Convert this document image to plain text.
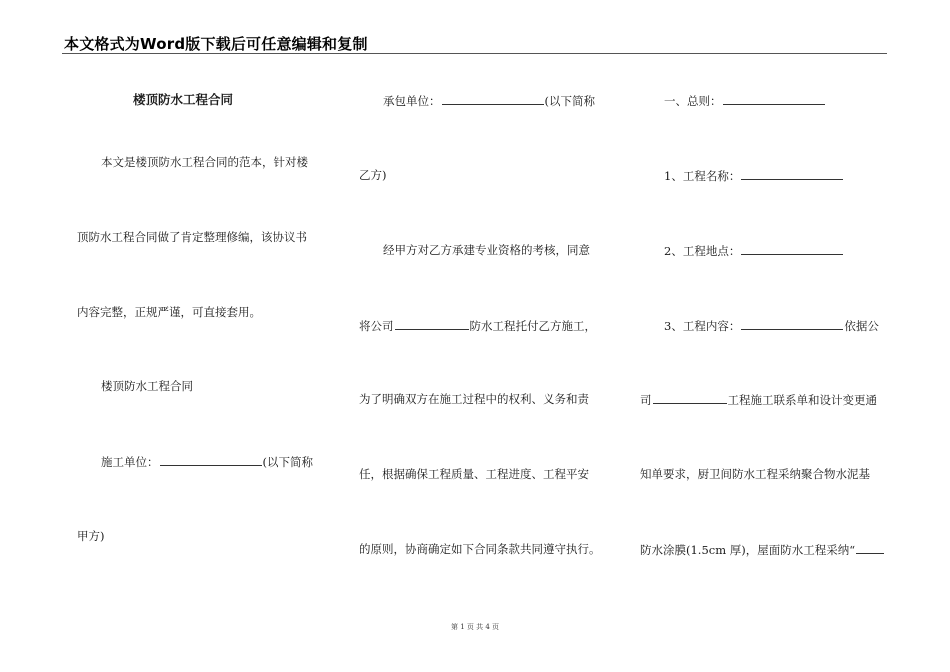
本文格式为Word版下载后可任意编辑和复制
楼顶防水工程合同
本文是楼顶防水工程合同的范本，针对楼
顶防水工程合同做了肯定整理修编，该协议书
内容完整，正规严谨，可直接套用。
楼顶防水工程合同
施工单位：	(以下简称
甲方)
承包单位：	(以下简称
乙方)
经甲方对乙方承建专业资格的考核，同意
将公司	防水工程托付乙方施工，
为了明确双方在施工过程中的权利、义务和责
任，根据确保工程质量、工程进度、工程平安
的原则，协商确定如下合同条款共同遵守执行。
一、总则：
1、工程名称：
2、工程地点：
3、工程内容：	依据公
司	工程施工联系单和设计变更通
知单要求，厨卫间防水工程采纳聚合物水泥基
防水涂膜(1.5cm 厚)，屋面防水工程采纳“
第 1 页 共 4 页
